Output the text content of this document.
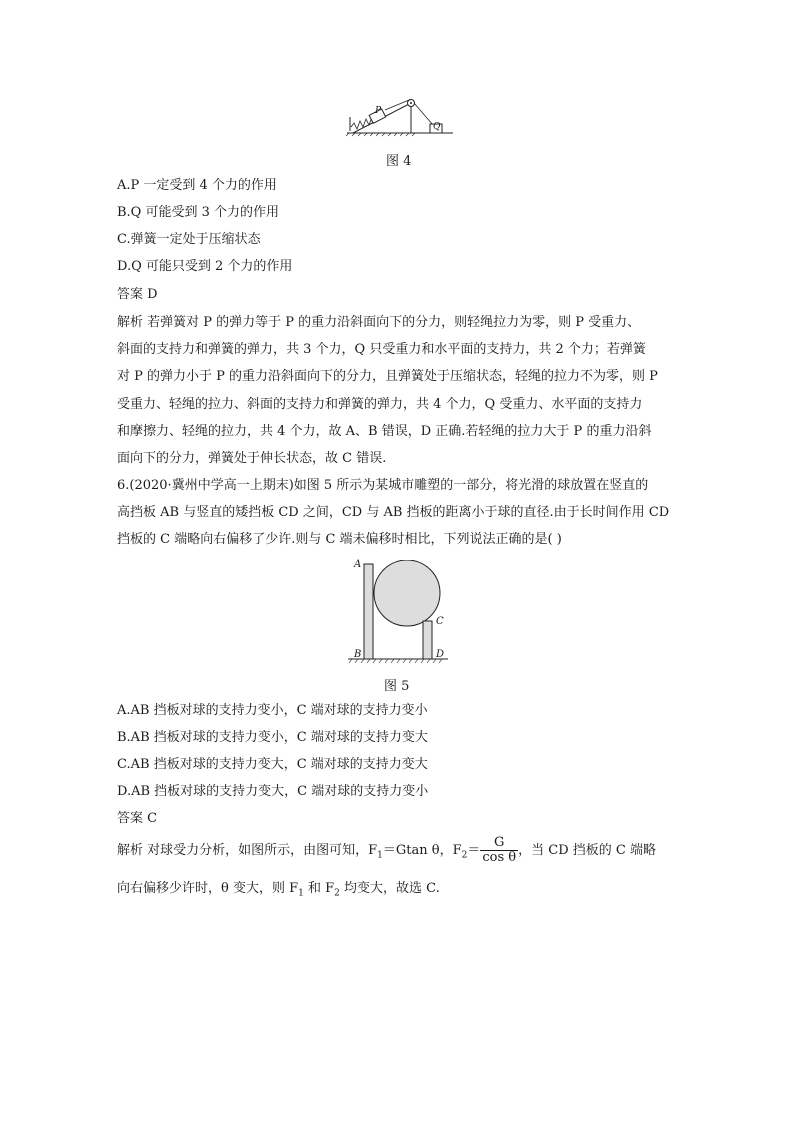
P
Q
图 4
A.P 一定受到 4 个力的作用
B.Q 可能受到 3 个力的作用
C.弹簧一定处于压缩状态
D.Q 可能只受到 2 个力的作用
答案 D
解析 若弹簧对 P 的弹力等于 P 的重力沿斜面向下的分力，则轻绳拉力为零，则 P 受重力、
斜面的支持力和弹簧的弹力，共 3 个力，Q 只受重力和水平面的支持力，共 2 个力；若弹簧
对 P 的弹力小于 P 的重力沿斜面向下的分力，且弹簧处于压缩状态，轻绳的拉力不为零，则 P
受重力、轻绳的拉力、斜面的支持力和弹簧的弹力，共 4 个力，Q 受重力、水平面的支持力
和摩擦力、轻绳的拉力，共 4 个力，故 A、B 错误，D 正确.若轻绳的拉力大于 P 的重力沿斜
面向下的分力，弹簧处于伸长状态，故 C 错误.
6.(2020·冀州中学高一上期末)如图 5 所示为某城市雕塑的一部分，将光滑的球放置在竖直的
高挡板 AB 与竖直的矮挡板 CD 之间，CD 与 AB 挡板的距离小于球的直径.由于长时间作用 CD
挡板的 C 端略向右偏移了少许.则与 C 端未偏移时相比，下列说法正确的是( )
A
B
C
D
图 5
A.AB 挡板对球的支持力变小，C 端对球的支持力变小
B.AB 挡板对球的支持力变小，C 端对球的支持力变大
C.AB 挡板对球的支持力变大，C 端对球的支持力变大
D.AB 挡板对球的支持力变大，C 端对球的支持力变小
答案 C
解析 对球受力分析，如图所示，由图可知，$F_1=Gtan$ θ，$F_2= \frac{G}{\text{cos θ}}$ ，当 CD 挡板的 C 端略
向右偏移少许时，θ 变大，则 $F_1$ 和 $F_2$ 均变大，故选 C.
